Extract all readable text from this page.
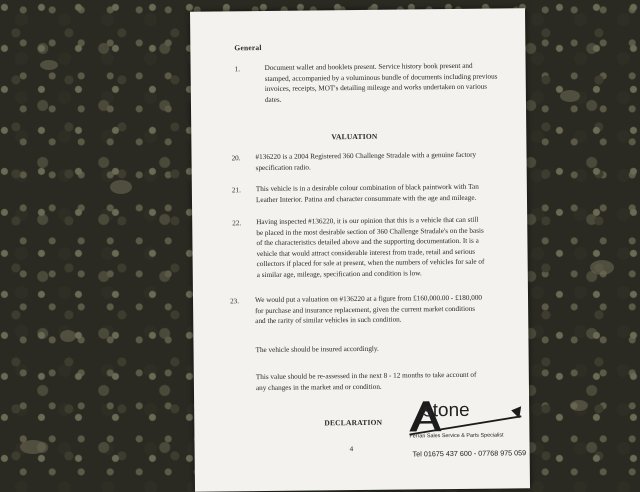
General
1.	Document wallet and booklets present. Service history book present and
stamped, accompanied by a voluminous bundle of documents including previous
invoices, receipts, MOT's detailing mileage and works undertaken on various
dates.
VALUATION
20. #136220 is a 2004 Registered 360 Challenge Stradale with a genuine factory
specification radio.
21. This vehicle is in a desirable colour combination of black paintwork with Tan
Leather Interior. Patina and character consummate with the age and mileage.
22. Having inspected #136220, it is our opinion that this is a vehicle that can still
be placed in the most desirable section of 360 Challenge Stradale's on the basis
of the characteristics detailed above and the supporting documentation. It is a
vehicle that would attract considerable interest from trade, retail and serious
collectors if placed for sale at present, when the numbers of vehicles for sale of
a similar age, mileage, specification and condition is low.
23. We would put a valuation on #136220 at a figure from £160,000.00 - £180,000
for purchase and insurance replacement, given the current market conditions
and the rarity of similar vehicles in such condition.
The vehicle should be insured accordingly.
This value should be re-assessed in the next 8 - 12 months to take account of
any changes in the market and or condition.
DECLARATION
4
stone
Ferrari Sales Service & Parts Specialist
Tel 01675 437 600 - 07768 975 059
